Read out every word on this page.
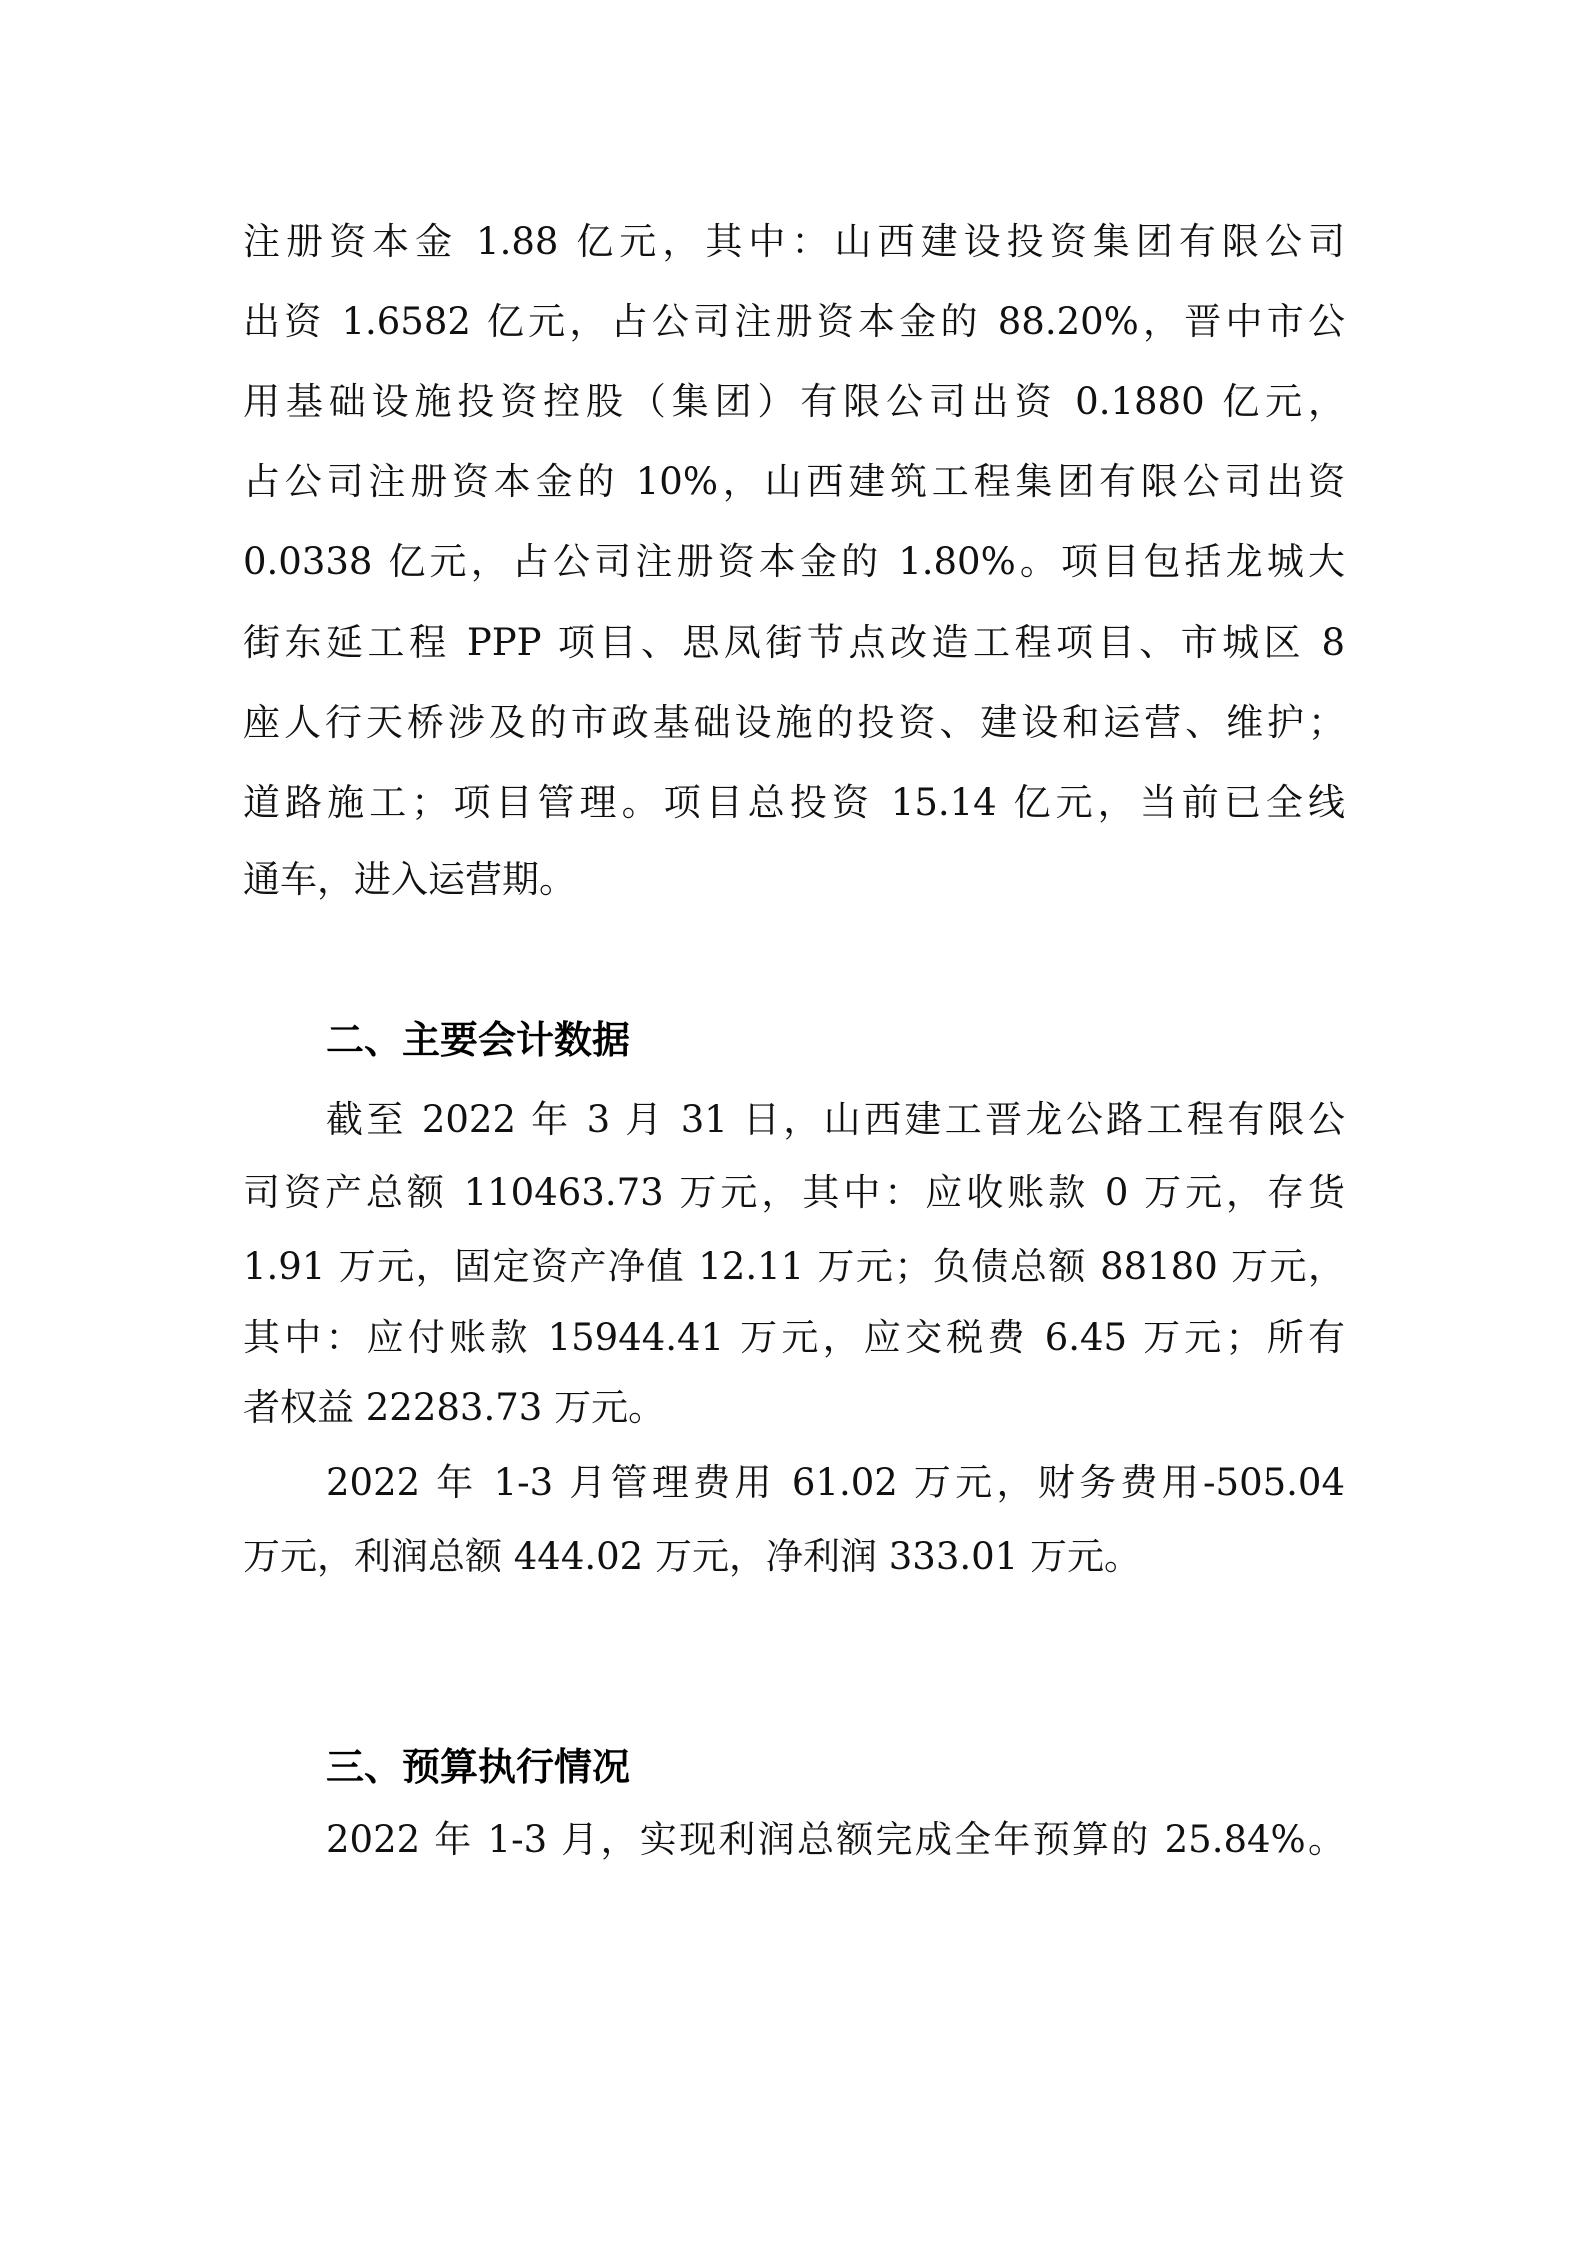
注册资本金 1.88 亿元，其中：山西建设投资集团有限公司
出资 1.6582 亿元，占公司注册资本金的 88.20%，晋中市公
用基础设施投资控股（集团）有限公司出资 0.1880 亿元，
占公司注册资本金的 10%，山西建筑工程集团有限公司出资
0.0338 亿元，占公司注册资本金的 1.80%。项目包括龙城大
街东延工程 PPP 项目、思凤街节点改造工程项目、市城区 8
座人行天桥涉及的市政基础设施的投资、建设和运营、维护；
道路施工；项目管理。项目总投资 15.14 亿元，当前已全线
通车，进入运营期。
二、主要会计数据
截至 2022 年 3 月 31 日，山西建工晋龙公路工程有限公
司资产总额 110463.73 万元，其中：应收账款 0 万元，存货
1.91 万元，固定资产净值 12.11 万元；负债总额 88180 万元，
其中：应付账款 15944.41 万元，应交税费 6.45 万元；所有
者权益 22283.73 万元。
2022 年 1-3 月管理费用 61.02 万元，财务费用-505.04
万元，利润总额 444.02 万元，净利润 333.01 万元。
三、预算执行情况
2022 年 1-3 月，实现利润总额完成全年预算的 25.84%。
